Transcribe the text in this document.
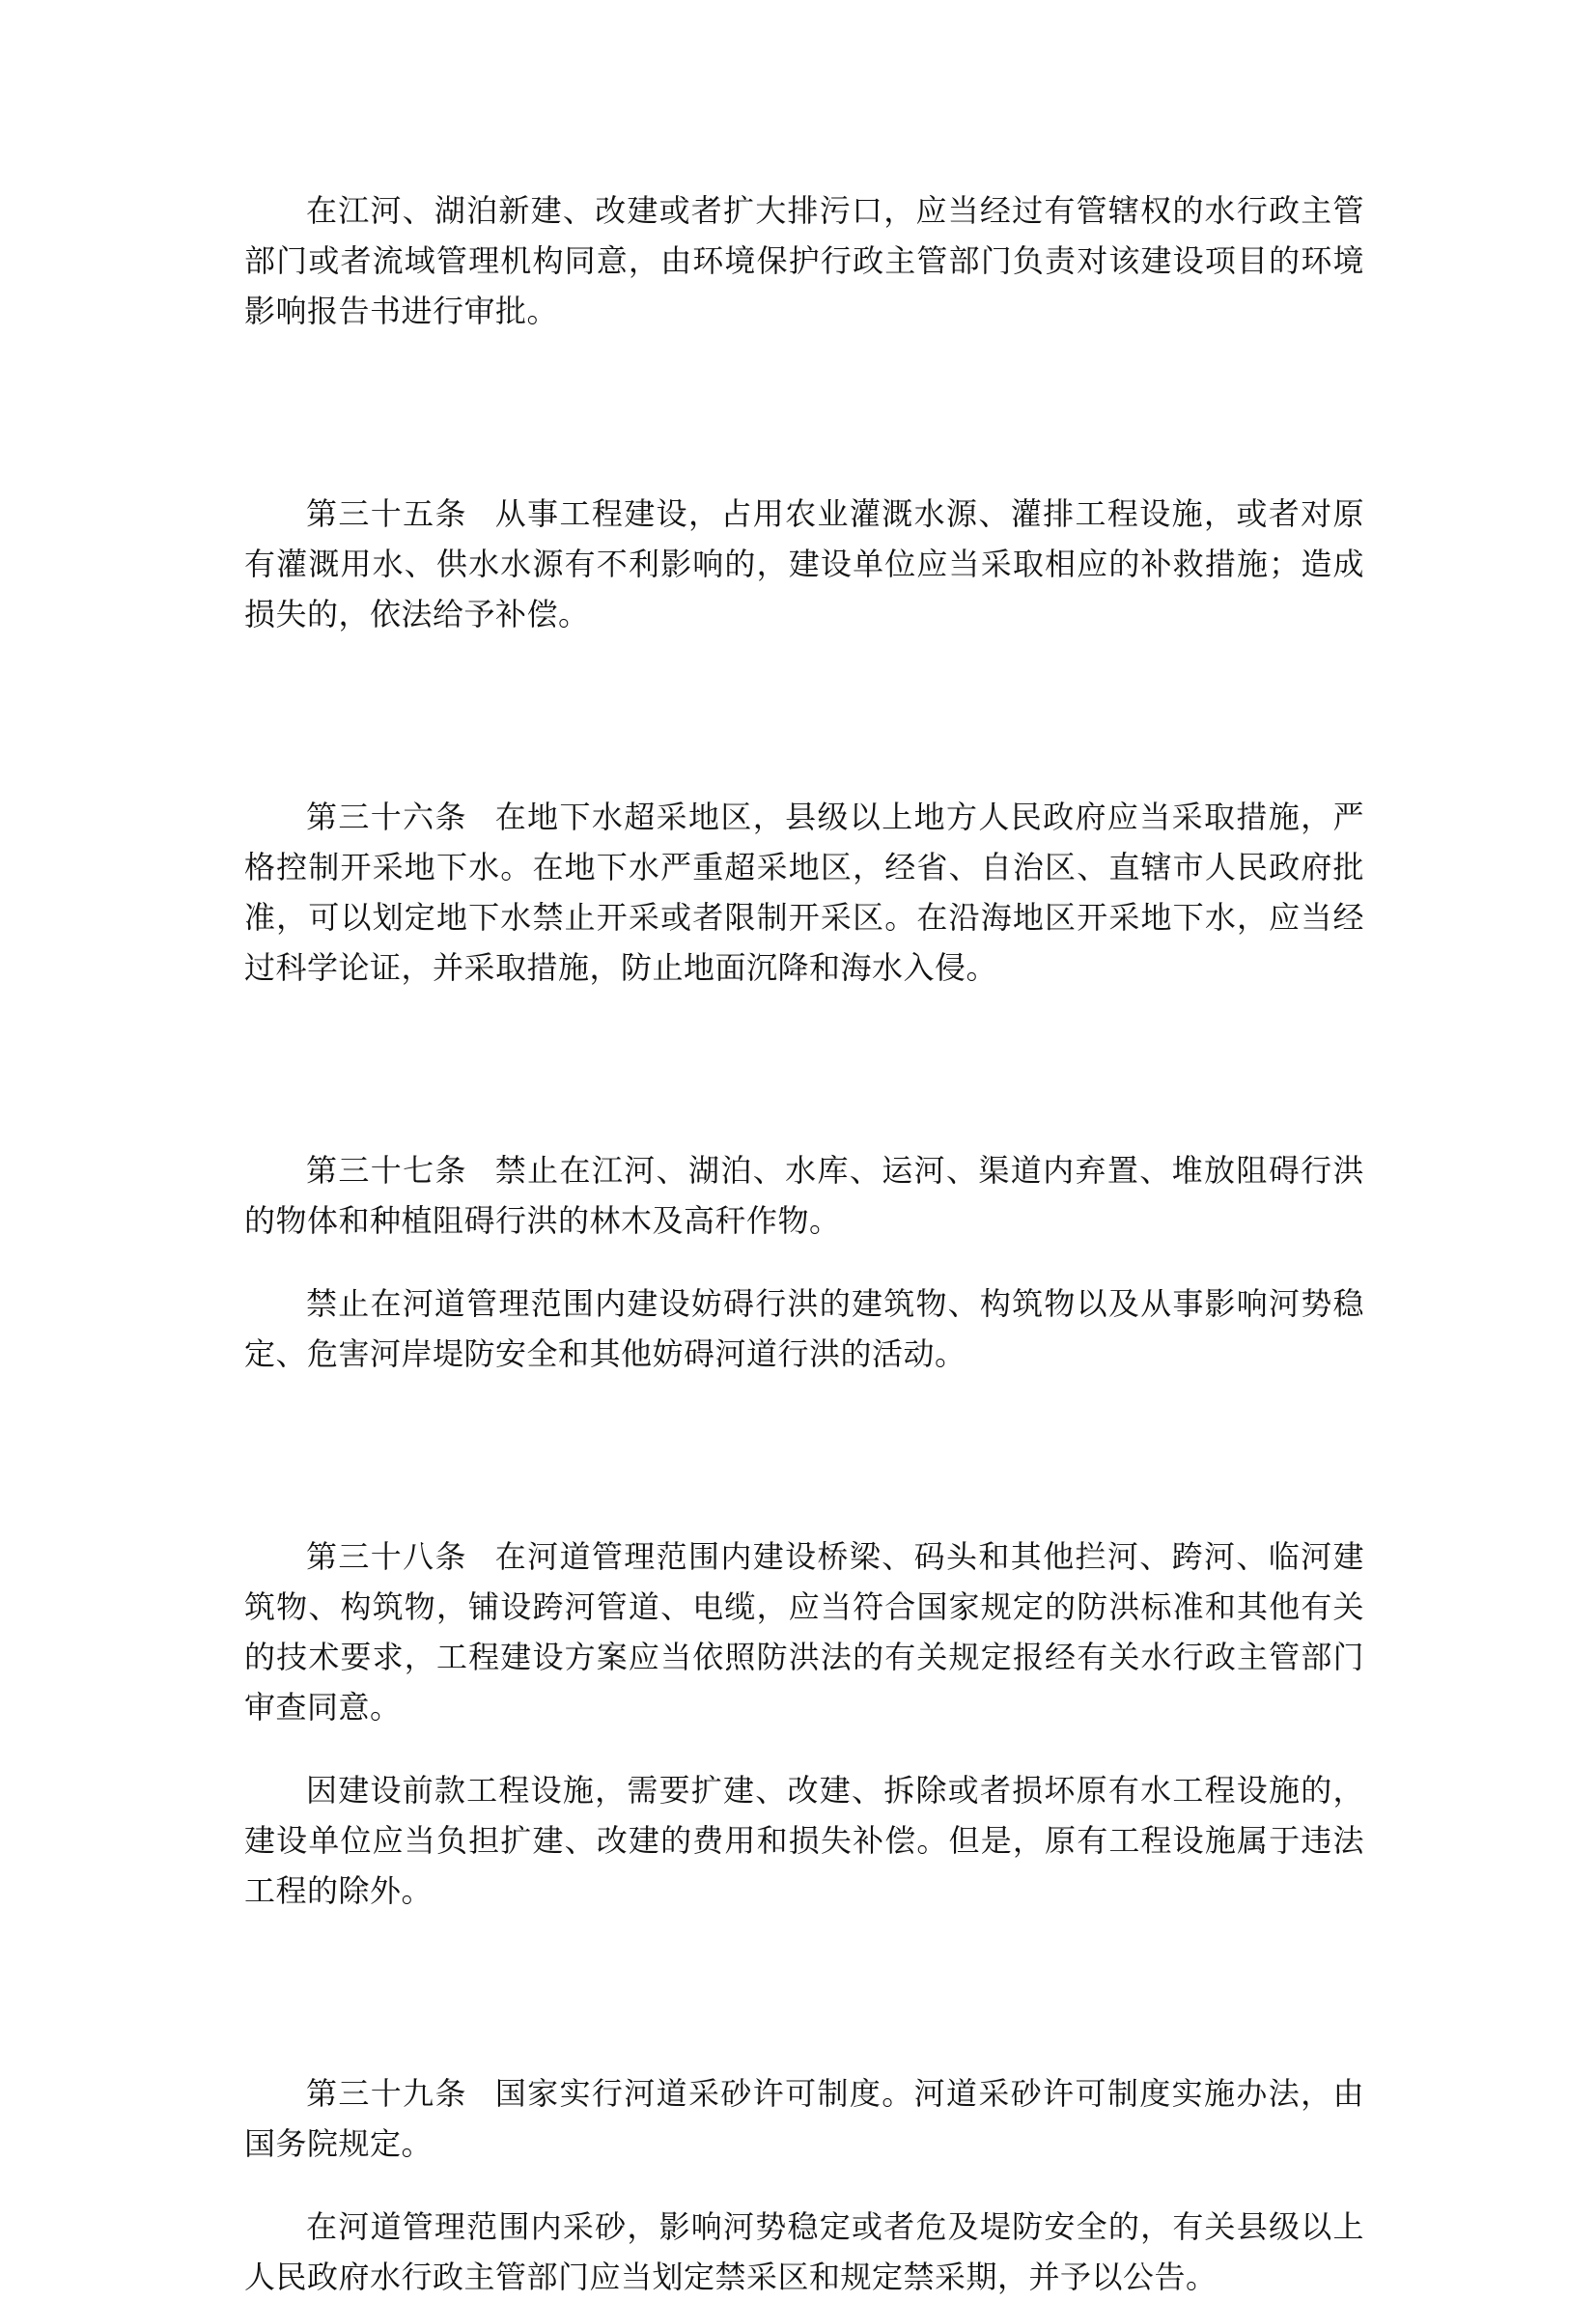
在江河、湖泊新建、改建或者扩大排污口，应当经过有管辖权的水行政主管部门或者流域管理机构同意，由环境保护行政主管部门负责对该建设项目的环境影响报告书进行审批。

第三十五条 从事工程建设，占用农业灌溉水源、灌排工程设施，或者对原有灌溉用水、供水水源有不利影响的，建设单位应当采取相应的补救措施；造成损失的，依法给予补偿。

第三十六条 在地下水超采地区，县级以上地方人民政府应当采取措施，严格控制开采地下水。在地下水严重超采地区，经省、自治区、直辖市人民政府批准，可以划定地下水禁止开采或者限制开采区。在沿海地区开采地下水，应当经过科学论证，并采取措施，防止地面沉降和海水入侵。

第三十七条 禁止在江河、湖泊、水库、运河、渠道内弃置、堆放阻碍行洪的物体和种植阻碍行洪的林木及高秆作物。

禁止在河道管理范围内建设妨碍行洪的建筑物、构筑物以及从事影响河势稳定、危害河岸堤防安全和其他妨碍河道行洪的活动。

第三十八条 在河道管理范围内建设桥梁、码头和其他拦河、跨河、临河建筑物、构筑物，铺设跨河管道、电缆，应当符合国家规定的防洪标准和其他有关的技术要求，工程建设方案应当依照防洪法的有关规定报经有关水行政主管部门审查同意。

因建设前款工程设施，需要扩建、改建、拆除或者损坏原有水工程设施的，建设单位应当负担扩建、改建的费用和损失补偿。但是，原有工程设施属于违法工程的除外。

第三十九条 国家实行河道采砂许可制度。河道采砂许可制度实施办法，由国务院规定。

在河道管理范围内采砂，影响河势稳定或者危及堤防安全的，有关县级以上人民政府水行政主管部门应当划定禁采区和规定禁采期，并予以公告。
